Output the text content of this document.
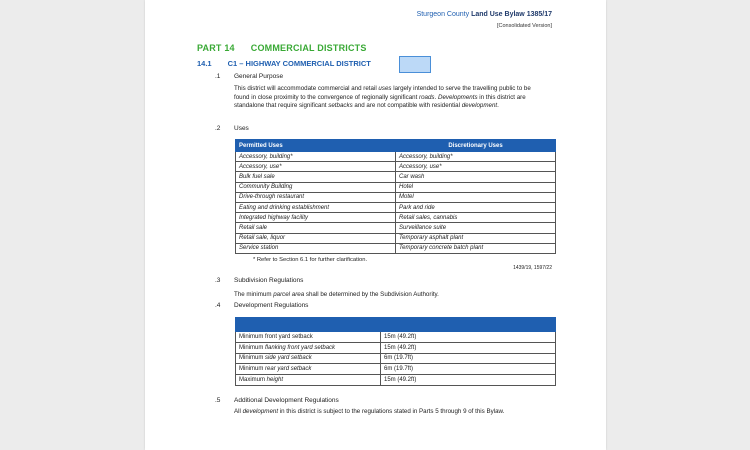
Sturgeon County Land Use Bylaw 1385/17
[Consolidated Version]
PART 14 COMMERCIAL DISTRICTS
14.1 C1 – HIGHWAY COMMERCIAL DISTRICT
.1 General Purpose
This district will accommodate commercial and retail uses largely intended to serve the travelling public to be found in close proximity to the convergence of regionally significant roads. Developments in this district are standalone that require significant setbacks and are not compatible with residential development.
.2 Uses
Permitted Uses	Discretionary Uses
Accessory, building*	Accessory, building*
Accessory, use*	Accessory, use*
Bulk fuel sale	Car wash
Community Building	Hotel
Drive-through restaurant	Motel
Eating and drinking establishment	Park and ride
Integrated highway facility	Retail sales, cannabis
Retail sale	Surveillance suite
Retail sale, liquor	Temporary asphalt plant
Service station	Temporary concrete batch plant
* Refer to Section 6.1 for further clarification.
1439/19, 1597/22
.3 Subdivision Regulations
The minimum parcel area shall be determined by the Subdivision Authority.
.4 Development Regulations

Minimum front yard setback	15m (49.2ft)
Minimum flanking front yard setback	15m (49.2ft)
Minimum side yard setback	6m (19.7ft)
Minimum rear yard setback	6m (19.7ft)
Maximum height	15m (49.2ft)
.5 Additional Development Regulations
All development in this district is subject to the regulations stated in Parts 5 through 9 of this Bylaw.
